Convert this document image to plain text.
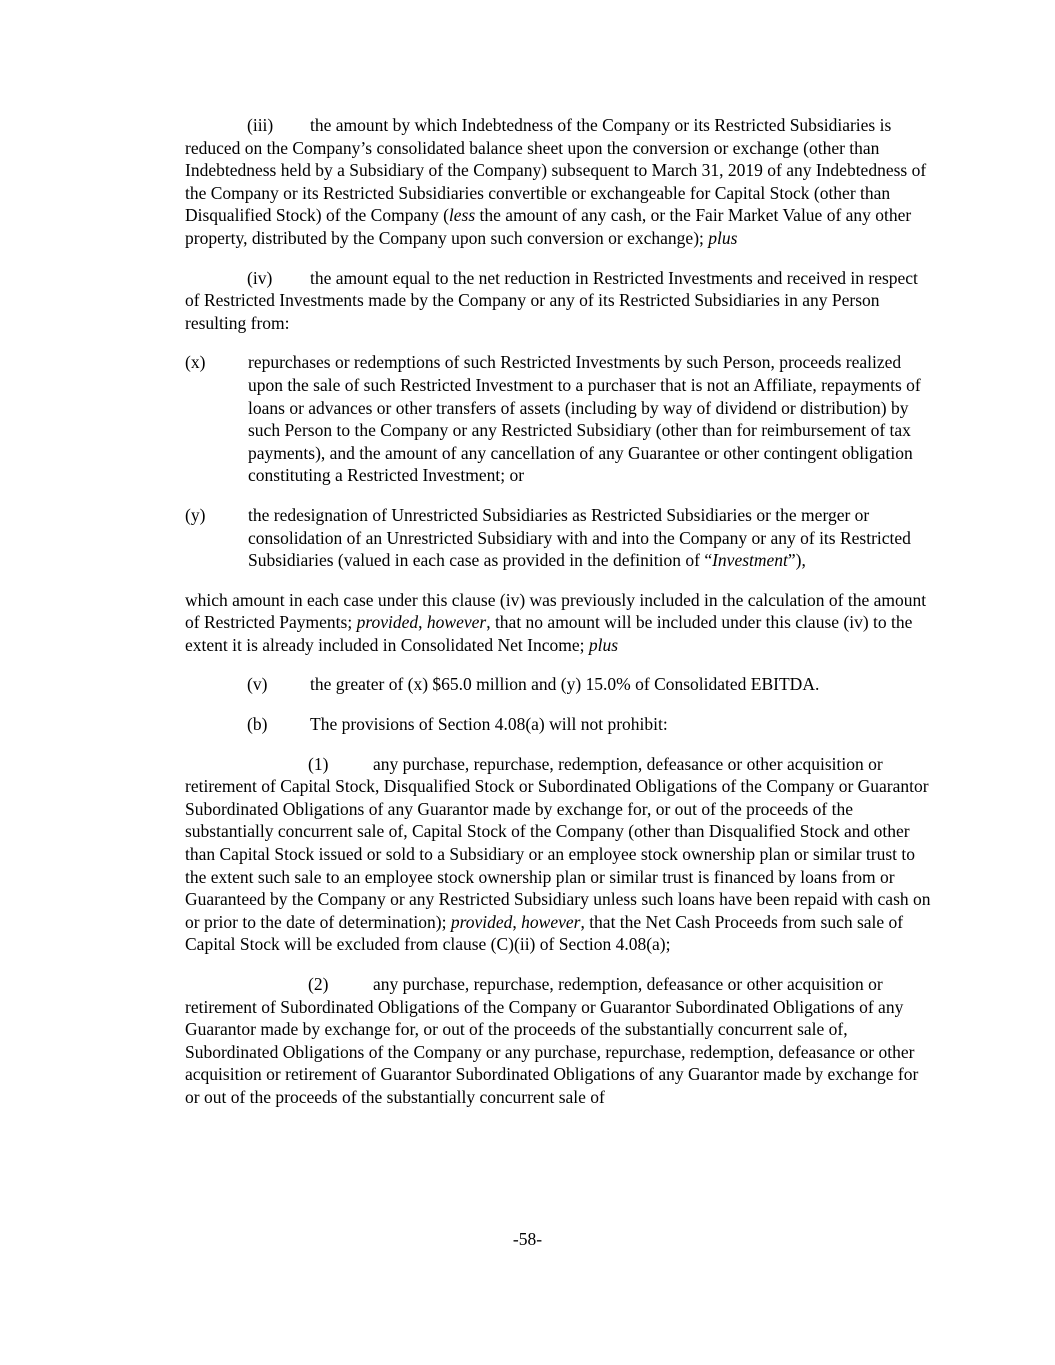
(iii) the amount by which Indebtedness of the Company or its Restricted Subsidiaries is reduced on the Company’s consolidated balance sheet upon the conversion or exchange (other than Indebtedness held by a Subsidiary of the Company) subsequent to March 31, 2019 of any Indebtedness of the Company or its Restricted Subsidiaries convertible or exchangeable for Capital Stock (other than Disqualified Stock) of the Company (less the amount of any cash, or the Fair Market Value of any other property, distributed by the Company upon such conversion or exchange); plus

(iv) the amount equal to the net reduction in Restricted Investments and received in respect of Restricted Investments made by the Company or any of its Restricted Subsidiaries in any Person resulting from:

(x) repurchases or redemptions of such Restricted Investments by such Person, proceeds realized upon the sale of such Restricted Investment to a purchaser that is not an Affiliate, repayments of loans or advances or other transfers of assets (including by way of dividend or distribution) by such Person to the Company or any Restricted Subsidiary (other than for reimbursement of tax payments), and the amount of any cancellation of any Guarantee or other contingent obligation constituting a Restricted Investment; or

(y) the redesignation of Unrestricted Subsidiaries as Restricted Subsidiaries or the merger or consolidation of an Unrestricted Subsidiary with and into the Company or any of its Restricted Subsidiaries (valued in each case as provided in the definition of “Investment”),

which amount in each case under this clause (iv) was previously included in the calculation of the amount of Restricted Payments; provided, however, that no amount will be included under this clause (iv) to the extent it is already included in Consolidated Net Income; plus

(v) the greater of (x) $65.0 million and (y) 15.0% of Consolidated EBITDA.

(b) The provisions of Section 4.08(a) will not prohibit:

(1)	any purchase, repurchase, redemption, defeasance or other acquisition or retirement of Capital Stock, Disqualified Stock or Subordinated Obligations of the Company or Guarantor Subordinated Obligations of any Guarantor made by exchange for, or out of the proceeds of the substantially concurrent sale of, Capital Stock of the Company (other than Disqualified Stock and other than Capital Stock issued or sold to a Subsidiary or an employee stock ownership plan or similar trust to the extent such sale to an employee stock ownership plan or similar trust is financed by loans from or Guaranteed by the Company or any Restricted Subsidiary unless such loans have been repaid with cash on or prior to the date of determination); provided, however, that the Net Cash Proceeds from such sale of Capital Stock will be excluded from clause (C)(ii) of Section 4.08(a);

(2)	any purchase, repurchase, redemption, defeasance or other acquisition or retirement of Subordinated Obligations of the Company or Guarantor Subordinated Obligations of any Guarantor made by exchange for, or out of the proceeds of the substantially concurrent sale of, Subordinated Obligations of the Company or any purchase, repurchase, redemption, defeasance or other acquisition or retirement of Guarantor Subordinated Obligations of any Guarantor made by exchange for or out of the proceeds of the substantially concurrent sale of

-58-
